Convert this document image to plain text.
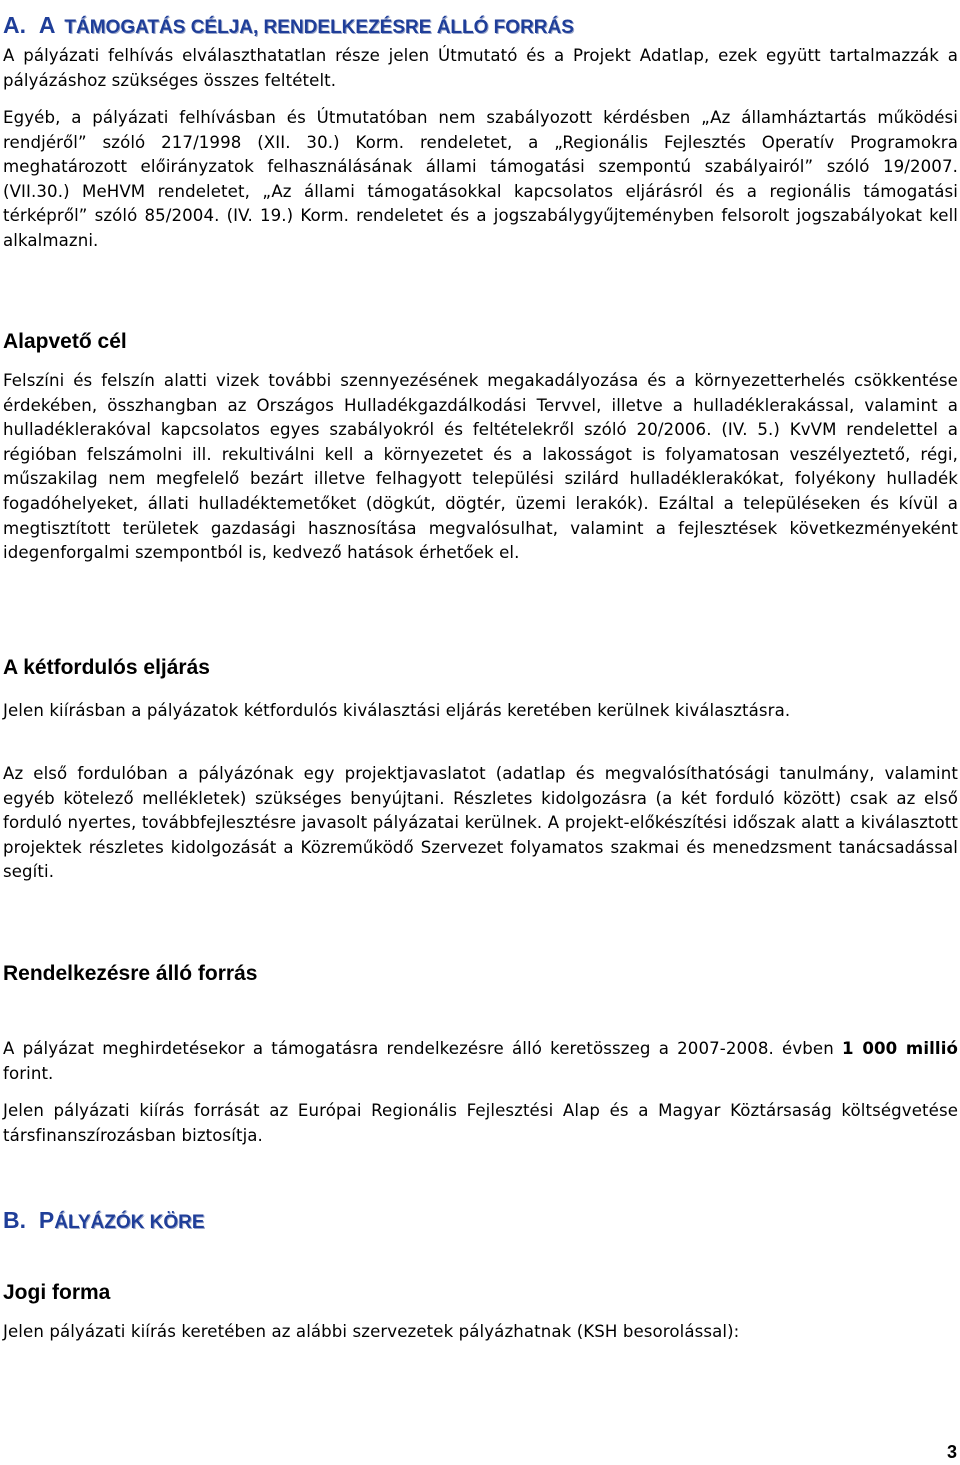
A. A TÁMOGATÁS CÉLJA, RENDELKEZÉSRE ÁLLÓ FORRÁS

A pályázati felhívás elválaszthatatlan része jelen Útmutató és a Projekt Adatlap, ezek együtt tartalmazzák a pályázáshoz szükséges összes feltételt.

Egyéb, a pályázati felhívásban és Útmutatóban nem szabályozott kérdésben „Az államháztartás működési rendjéről” szóló 217/1998 (XII. 30.) Korm. rendeletet, a „Regionális Fejlesztés Operatív Programokra meghatározott előirányzatok felhasználásának állami támogatási szempontú szabályairól” szóló 19/2007. (VII.30.) MeHVM rendeletet, „Az állami támogatásokkal kapcsolatos eljárásról és a regionális támogatási térképről” szóló 85/2004. (IV. 19.) Korm. rendeletet és a jogszabálygyűjteményben felsorolt jogszabályokat kell alkalmazni.

Alapvető cél

Felszíni és felszín alatti vizek további szennyezésének megakadályozása és a környezetterhelés csökkentése érdekében, összhangban az Országos Hulladékgazdálkodási Tervvel, illetve a hulladéklerakással, valamint a hulladéklerakóval kapcsolatos egyes szabályokról és feltételekről szóló 20/2006. (IV. 5.) KvVM rendelettel a régióban felszámolni ill. rekultiválni kell a környezetet és a lakosságot is folyamatosan veszélyeztető, régi, műszakilag nem megfelelő bezárt illetve felhagyott települési szilárd hulladéklerakókat, folyékony hulladék fogadóhelyeket, állati hulladéktemetőket (dögkút, dögtér, üzemi lerakók). Ezáltal a településeken és kívül a megtisztított területek gazdasági hasznosítása megvalósulhat, valamint a fejlesztések következményeként idegenforgalmi szempontból is, kedvező hatások érhetőek el.

A kétfordulós eljárás

Jelen kiírásban a pályázatok kétfordulós kiválasztási eljárás keretében kerülnek kiválasztásra.

Az első fordulóban a pályázónak egy projektjavaslatot (adatlap és megvalósíthatósági tanulmány, valamint egyéb kötelező mellékletek) szükséges benyújtani. Részletes kidolgozásra (a két forduló között) csak az első forduló nyertes, továbbfejlesztésre javasolt pályázatai kerülnek. A projekt-előkészítési időszak alatt a kiválasztott projektek részletes kidolgozását a Közreműködő Szervezet folyamatos szakmai és menedzsment tanácsadással segíti.

Rendelkezésre álló forrás

A pályázat meghirdetésekor a támogatásra rendelkezésre álló keretösszeg a 2007-2008. évben 1 000 millió forint.

Jelen pályázati kiírás forrását az Európai Regionális Fejlesztési Alap és a Magyar Köztársaság költségvetése társfinanszírozásban biztosítja.

B. PÁLYÁZÓK KÖRE
Jogi forma

Jelen pályázati kiírás keretében az alábbi szervezetek pályázhatnak (KSH besorolással):

3
